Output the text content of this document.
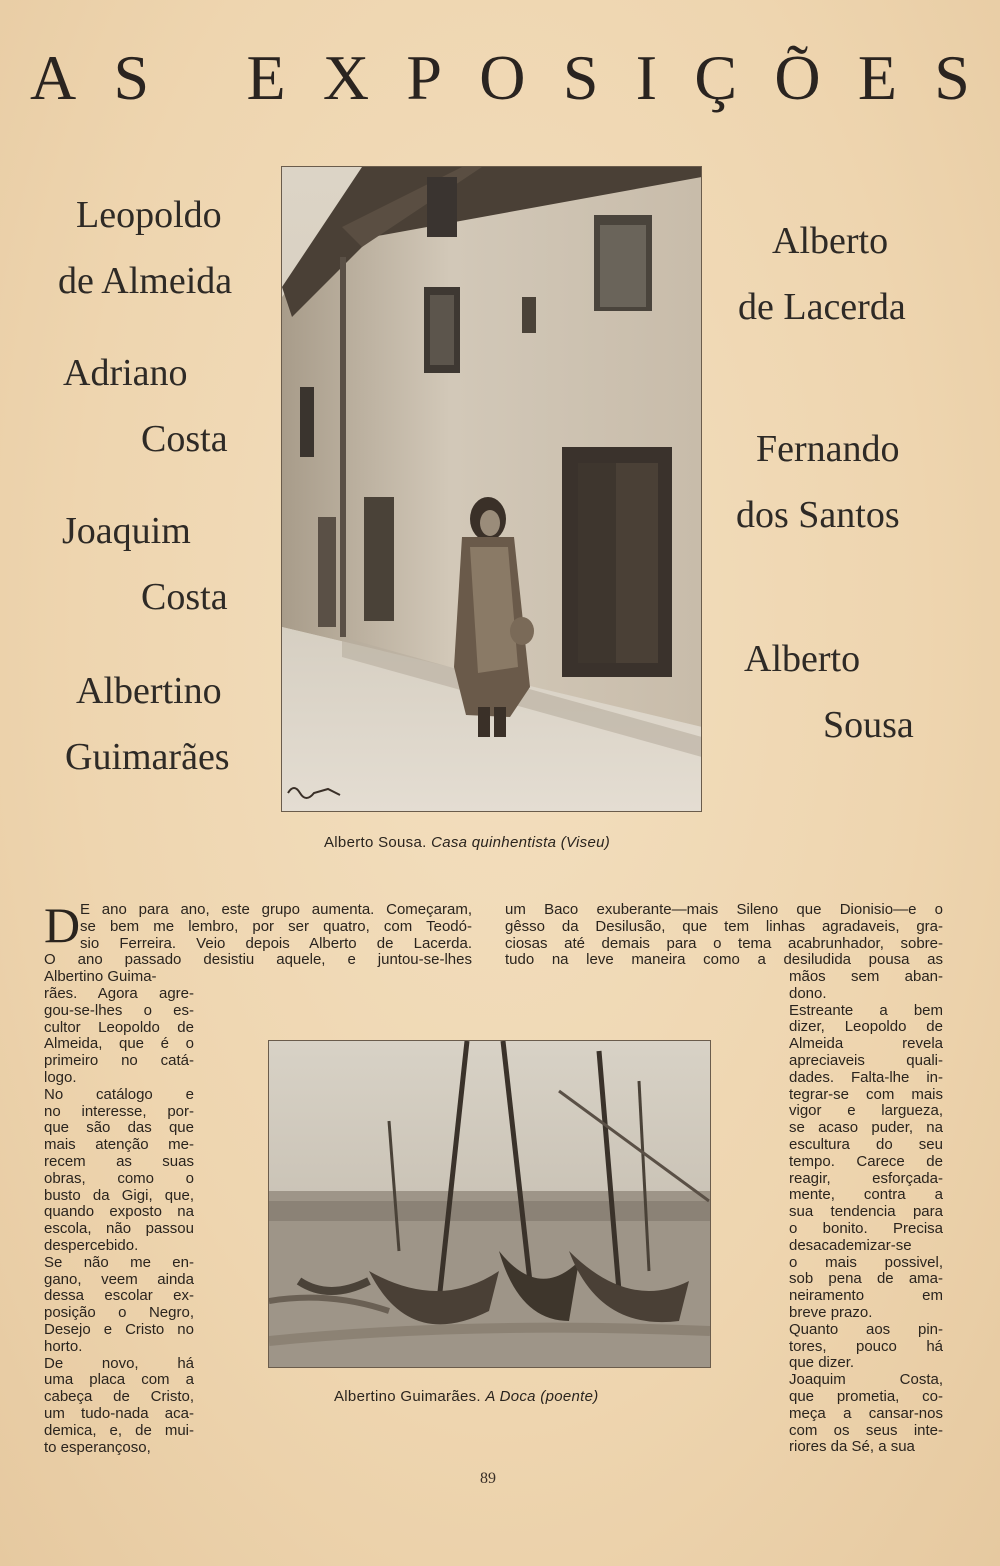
A S E X P O S I Ç Õ E S
Leopoldo
de Almeida
Adriano
Costa
Joaquim
Costa
Albertino
Guimarães
Alberto
de Lacerda
Fernando
dos Santos
Alberto
Sousa
Alberto Sousa. Casa quinhentista (Viseu)
D E ano para ano, este grupo aumenta. Começaram,
se bem me lembro, por ser quatro, com Teodó-
sio Ferreira. Veio depois Alberto de Lacerda.
O ano passado desistiu aquele, e juntou-se-lhes
Albertino Guima-
rães. Agora agre-
gou-se-lhes o es-
cultor Leopoldo de
Almeida, que é o
primeiro no catá-
logo.
No catálogo e
no interesse, por-
que são das que
mais atenção me-
recem as suas
obras, como o
busto da Gigi, que,
quando exposto na
escola, não passou
despercebido.
Se não me en-
gano, veem ainda
dessa escolar ex-
posição o Negro,
Desejo e Cristo no
horto.
De novo, há
uma placa com a
cabeça de Cristo,
um tudo-nada aca-
demica, e, de mui-
to esperançoso,
um Baco exuberante—mais Sileno que Dionisio—e o
gêsso da Desilusão, que tem linhas agradaveis, gra-
ciosas até demais para o tema acabrunhador, sobre-
tudo na leve maneira como a desiludida pousa as
mãos sem aban-
dono.
Estreante a bem
dizer, Leopoldo de
Almeida revela
apreciaveis quali-
dades. Falta-lhe in-
tegrar-se com mais
vigor e largueza,
se acaso puder, na
escultura do seu
tempo. Carece de
reagir, esforçada-
mente, contra a
sua tendencia para
o bonito. Precisa
desacademizar-se
o mais possivel,
sob pena de ama-
neiramento em
breve prazo.
Quanto aos pin-
tores, pouco há
que dizer.
Joaquim Costa,
que prometia, co-
meça a cansar-nos
com os seus inte-
riores da Sé, a sua
Albertino Guimarães. A Doca (poente)
89
